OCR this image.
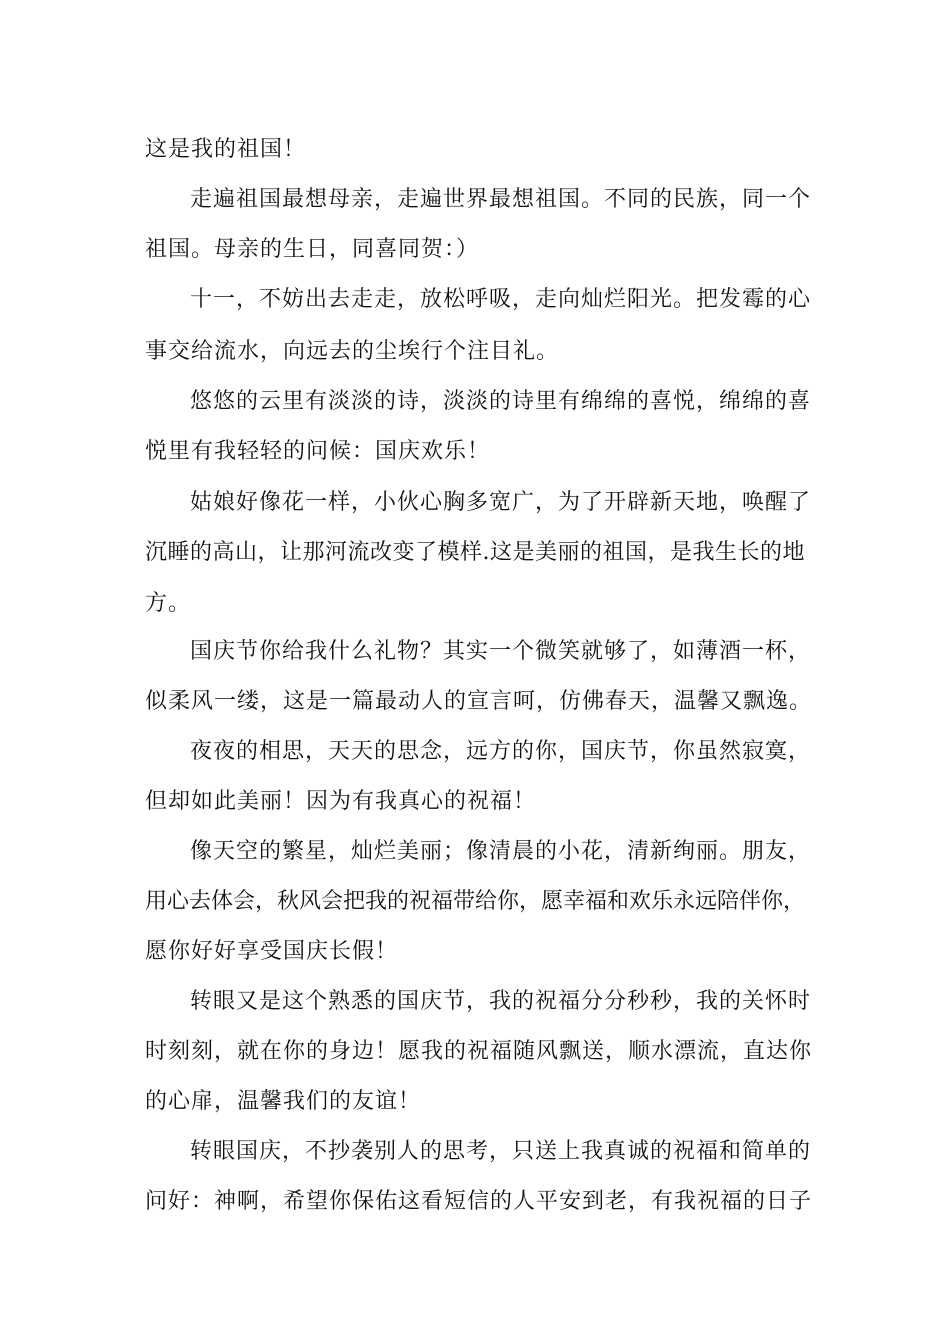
这是我的祖国！

走遍祖国最想母亲，走遍世界最想祖国。不同的民族，同一个

祖国。母亲的生日，同喜同贺：）

十一，不妨出去走走，放松呼吸，走向灿烂阳光。把发霉的心

事交给流水，向远去的尘埃行个注目礼。

悠悠的云里有淡淡的诗，淡淡的诗里有绵绵的喜悦，绵绵的喜

悦里有我轻轻的问候：国庆欢乐！

姑娘好像花一样，小伙心胸多宽广，为了开辟新天地，唤醒了

沉睡的高山，让那河流改变了模样.这是美丽的祖国，是我生长的地

方。

国庆节你给我什么礼物？其实一个微笑就够了，如薄酒一杯，

似柔风一缕，这是一篇最动人的宣言呵，仿佛春天，温馨又飘逸。

夜夜的相思，天天的思念，远方的你，国庆节，你虽然寂寞，

但却如此美丽！因为有我真心的祝福！

像天空的繁星，灿烂美丽；像清晨的小花，清新绚丽。朋友，

用心去体会，秋风会把我的祝福带给你，愿幸福和欢乐永远陪伴你，

愿你好好享受国庆长假！

转眼又是这个熟悉的国庆节，我的祝福分分秒秒，我的关怀时

时刻刻，就在你的身边！愿我的祝福随风飘送，顺水漂流，直达你

的心扉，温馨我们的友谊！

转眼国庆，不抄袭别人的思考，只送上我真诚的祝福和简单的

问好：神啊，希望你保佑这看短信的人平安到老，有我祝福的日子
